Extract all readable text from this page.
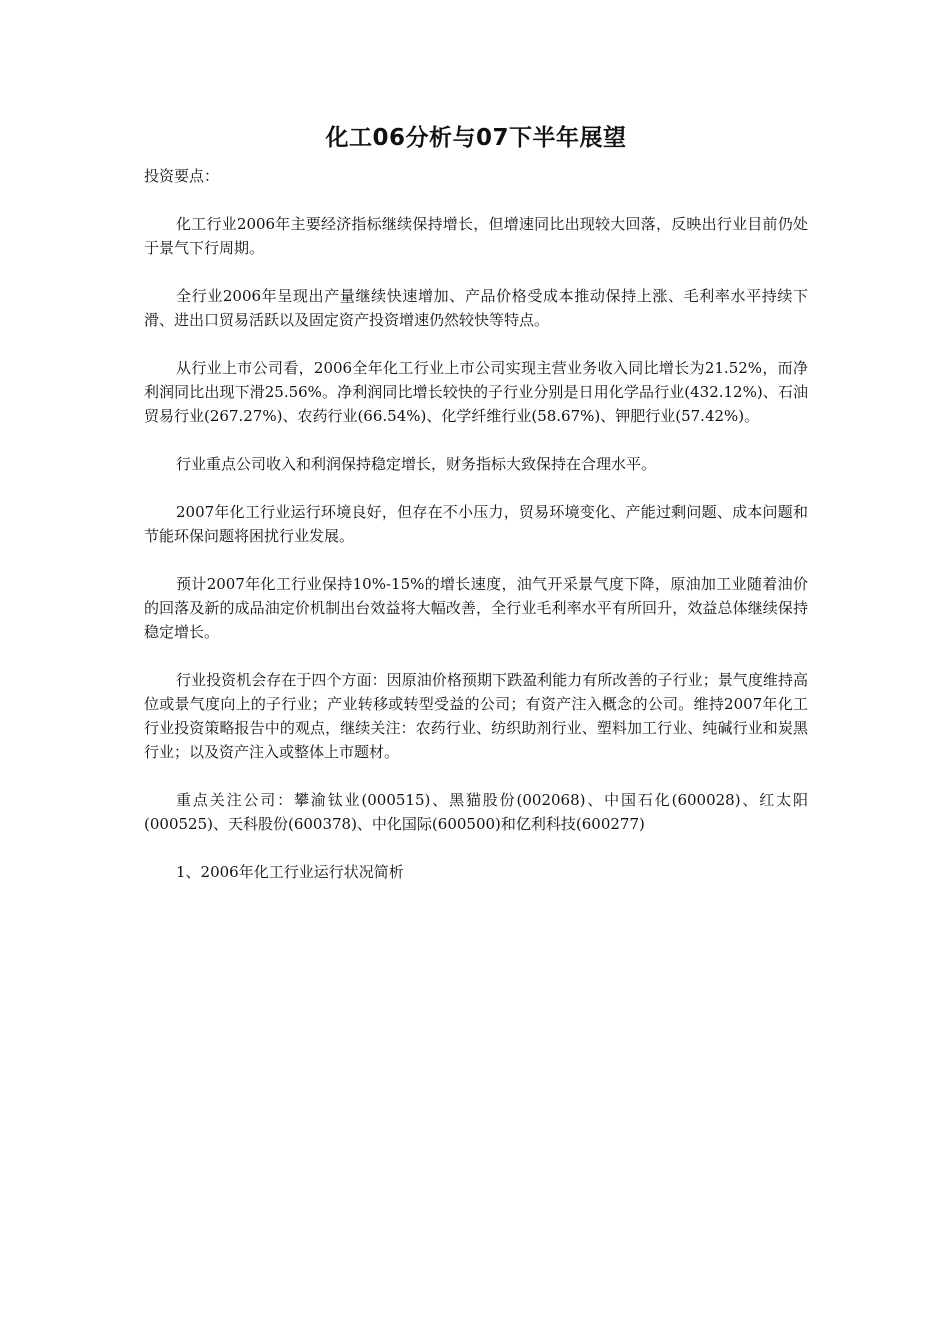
化工06分析与07下半年展望

投资要点：

化工行业2006年主要经济指标继续保持增长，但增速同比出现较大回落，反映出行业目前仍处于景气下行周期。

全行业2006年呈现出产量继续快速增加、产品价格受成本推动保持上涨、毛利率水平持续下滑、进出口贸易活跃以及固定资产投资增速仍然较快等特点。

从行业上市公司看，2006全年化工行业上市公司实现主营业务收入同比增长为21.52%，而净利润同比出现下滑25.56%。净利润同比增长较快的子行业分别是日用化学品行业(432.12%)、石油贸易行业(267.27%)、农药行业(66.54%)、化学纤维行业(58.67%)、钾肥行业(57.42%)。

行业重点公司收入和利润保持稳定增长，财务指标大致保持在合理水平。

2007年化工行业运行环境良好，但存在不小压力，贸易环境变化、产能过剩问题、成本问题和节能环保问题将困扰行业发展。

预计2007年化工行业保持10%-15%的增长速度，油气开采景气度下降，原油加工业随着油价的回落及新的成品油定价机制出台效益将大幅改善，全行业毛利率水平有所回升，效益总体继续保持稳定增长。

行业投资机会存在于四个方面：因原油价格预期下跌盈利能力有所改善的子行业；景气度维持高位或景气度向上的子行业；产业转移或转型受益的公司；有资产注入概念的公司。维持2007年化工行业投资策略报告中的观点，继续关注：农药行业、纺织助剂行业、塑料加工行业、纯碱行业和炭黑行业；以及资产注入或整体上市题材。

重点关注公司：攀渝钛业(000515)、黑猫股份(002068)、中国石化(600028)、红太阳(000525)、天科股份(600378)、中化国际(600500)和亿利科技(600277)

1、2006年化工行业运行状况简析
